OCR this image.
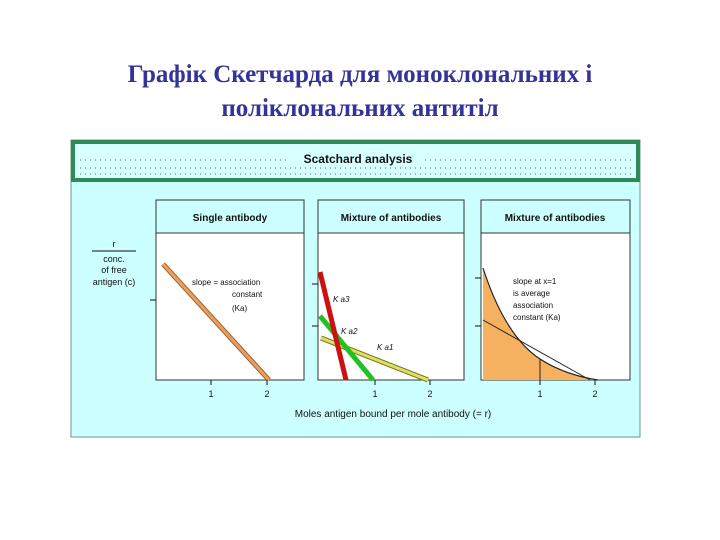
Графік Скетчарда для моноклональних і
поліклональних антитіл
Scatchard analysis
r
conc.
of free
antigen (c)
Single antibody
slope = association
constant
(Ka)
1	2
Mixture of antibodies
K a3
K a2
K a1
1	2
Mixture of antibodies
slope at x=1
is average
association
constant (Ka)
1	2
Moles antigen bound per mole antibody (= r)
